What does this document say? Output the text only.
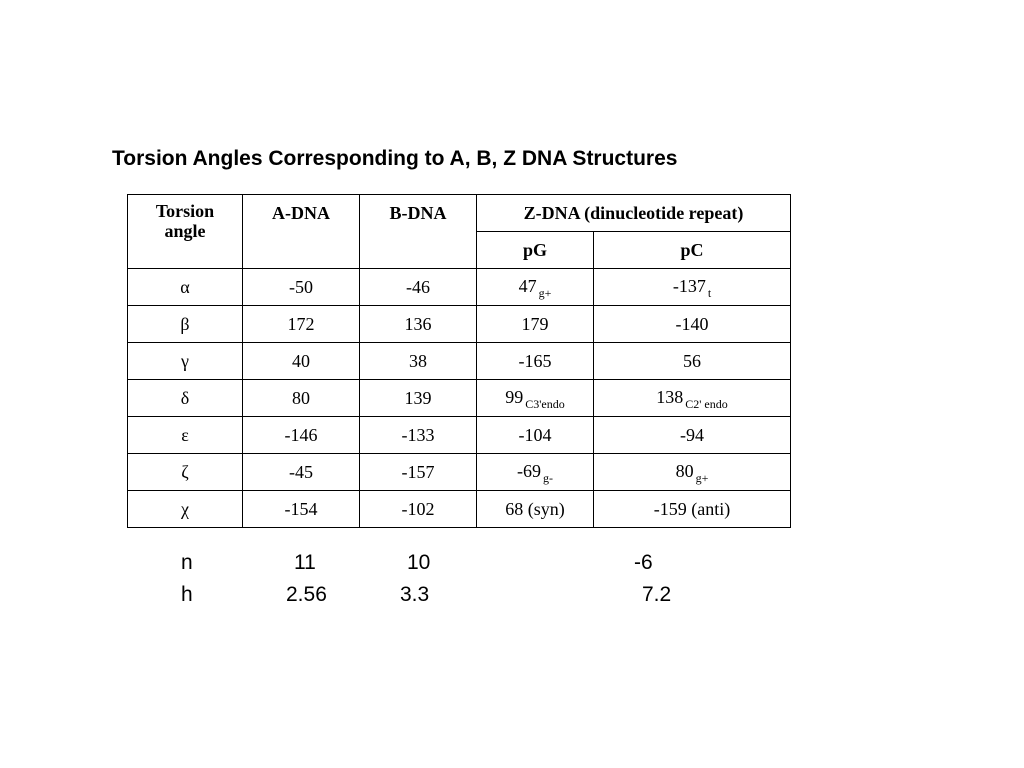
Torsion Angles Corresponding to A, B, Z DNA Structures
Torsion
angle	A-DNA	B-DNA	Z-DNA (dinucleotide repeat)	
			pG	pC
α	-50	-46	47 $_{g+}$	-137 $_t$
β	172	136	179	-140
γ	40	38	-165	56
δ	80	139	99 $_{C3'endo}$	138 $_{C2' endo}$
ε	-146	-133	-104	-94
ζ	-45	-157	-69 $_{g-}$	80 $_{g+}$
χ	-154	-102	68 (syn)	-159 (anti)
n	11	10	-6
h	2.56	3.3	7.2
